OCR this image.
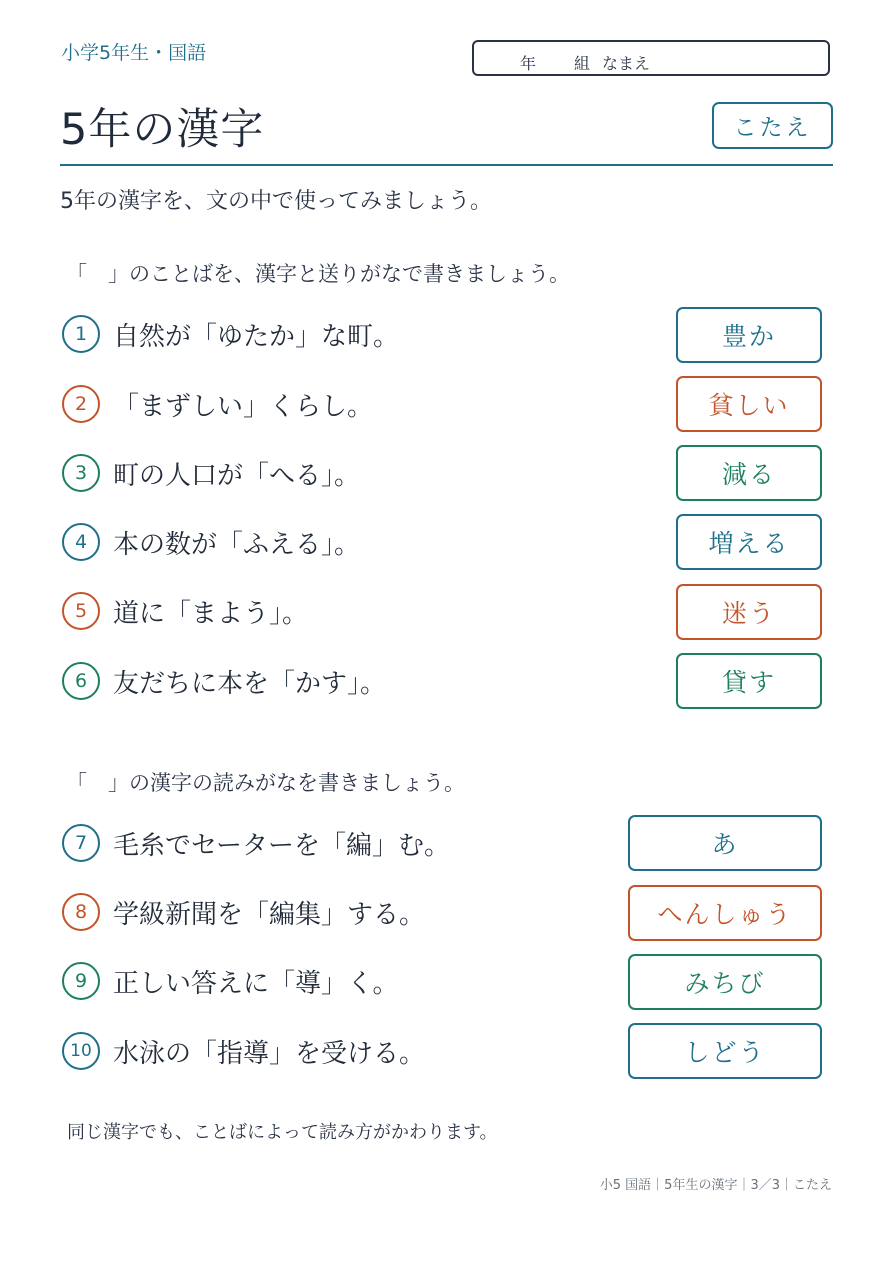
小学5年生・国語	年 組 なまえ
5年の漢字	こたえ
5年の漢字を、文の中で使ってみましょう。
「　」のことばを、漢字と送りがなで書きましょう。
1 自然が「ゆたか」な町。	豊か
2 「まずしい」くらし。	貧しい
3 町の人口が「へる」。	減る
4 本の数が「ふえる」。	増える
5 道に「まよう」。	迷う
6 友だちに本を「かす」。	貸す
「　」の漢字の読みがなを書きましょう。
7 毛糸でセーターを「編」む。	あ
8 学級新聞を「編集」する。	へんしゅう
9 正しい答えに「導」く。	みちび
10 水泳の「指導」を受ける。	しどう
同じ漢字でも、ことばによって読み方がかわります。
小5 国語｜5年生の漢字｜3／3｜こたえ
